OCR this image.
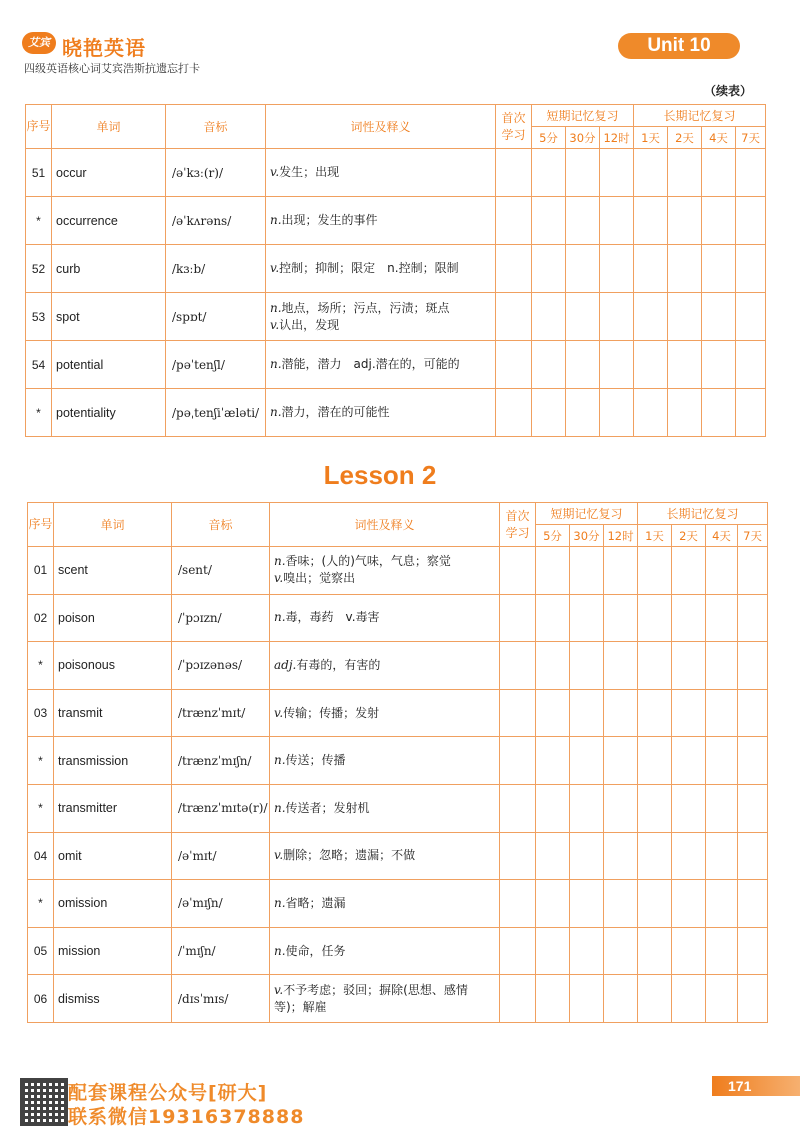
艾宾 晓艳英语
四级英语核心词艾宾浩斯抗遗忘打卡
Unit 10
（续表）
序号	单词	音标	词性及释义	首次学习	短期记忆复习			长期记忆复习			
					5分	30分	12时	1天	2天	4天	7天
51	occur	/əˈkɜː(r)/	v.发生；出现								

*	occurrence	/əˈkʌrəns/	n.出现；发生的事件								

52	curb	/kɜːb/	v.控制；抑制；限定　n.控制；限制								

53	spot	/spɒt/	n.地点，场所；污点，污渍；斑点
v.认出，发现								

54	potential	/pəˈtenʃl/	n.潜能，潜力　adj.潜在的，可能的								

*	potentiality	/pəˌtenʃiˈæləti/	n.潜力，潜在的可能性								

Lesson 2
序号	单词	音标	词性及释义	首次学习	短期记忆复习			长期记忆复习			
					5分	30分	12时	1天	2天	4天	7天
01	scent	/sent/	n.香味；(人的)气味，气息；察觉
v.嗅出；觉察出								

02	poison	/ˈpɔɪzn/	n.毒，毒药　v.毒害								

*	poisonous	/ˈpɔɪzənəs/	adj.有毒的，有害的								

03	transmit	/trænzˈmɪt/	v.传输；传播；发射								

*	transmission	/trænzˈmɪʃn/	n.传送；传播								

*	transmitter	/trænzˈmɪtə(r)/	n.传送者；发射机								

04	omit	/əˈmɪt/	v.删除；忽略；遗漏；不做								

*	omission	/əˈmɪʃn/	n.省略；遗漏								

05	mission	/ˈmɪʃn/	n.使命，任务								

06	dismiss	/dɪsˈmɪs/	v.不予考虑；驳回；摒除(思想、感情
等)；解雇								

配套课程公众号[研大]
联系微信19316378888
171
